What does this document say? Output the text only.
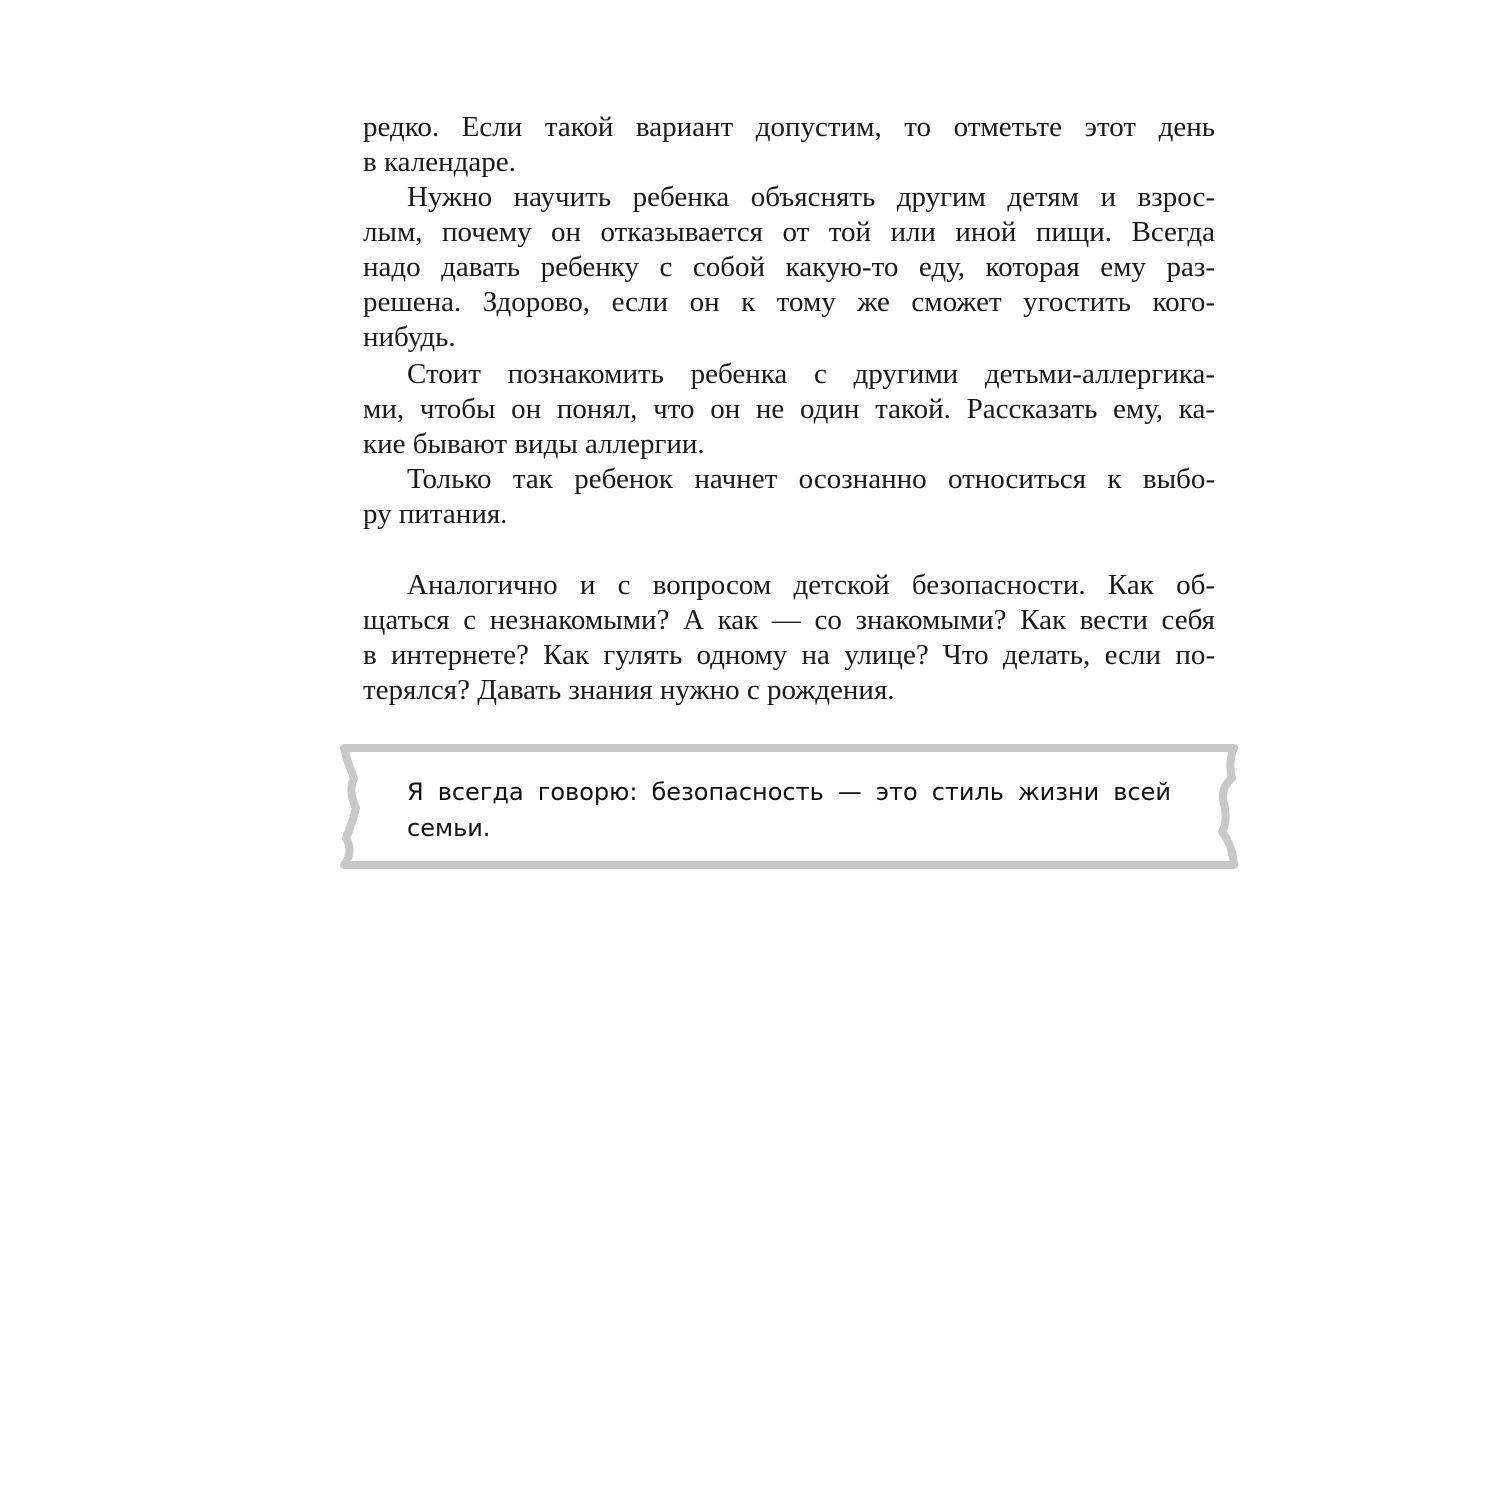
редко. Если такой вариант допустим, то отметьте этот день
в календаре.
Нужно научить ребенка объяснять другим детям и взрос-
лым, почему он отказывается от той или иной пищи. Всегда
надо давать ребенку с собой какую-то еду, которая ему раз-
решена. Здорово, если он к тому же сможет угостить кого-
нибудь.
Стоит познакомить ребенка с другими детьми-аллергика-
ми, чтобы он понял, что он не один такой. Рассказать ему, ка-
кие бывают виды аллергии.
Только так ребенок начнет осознанно относиться к выбо-
ру питания.
Аналогично и с вопросом детской безопасности. Как об-
щаться с незнакомыми? А как — со знакомыми? Как вести себя
в интернете? Как гулять одному на улице? Что делать, если по-
терялся? Давать знания нужно с рождения.
Я всегда говорю: безопасность — это стиль жизни всей
семьи.
